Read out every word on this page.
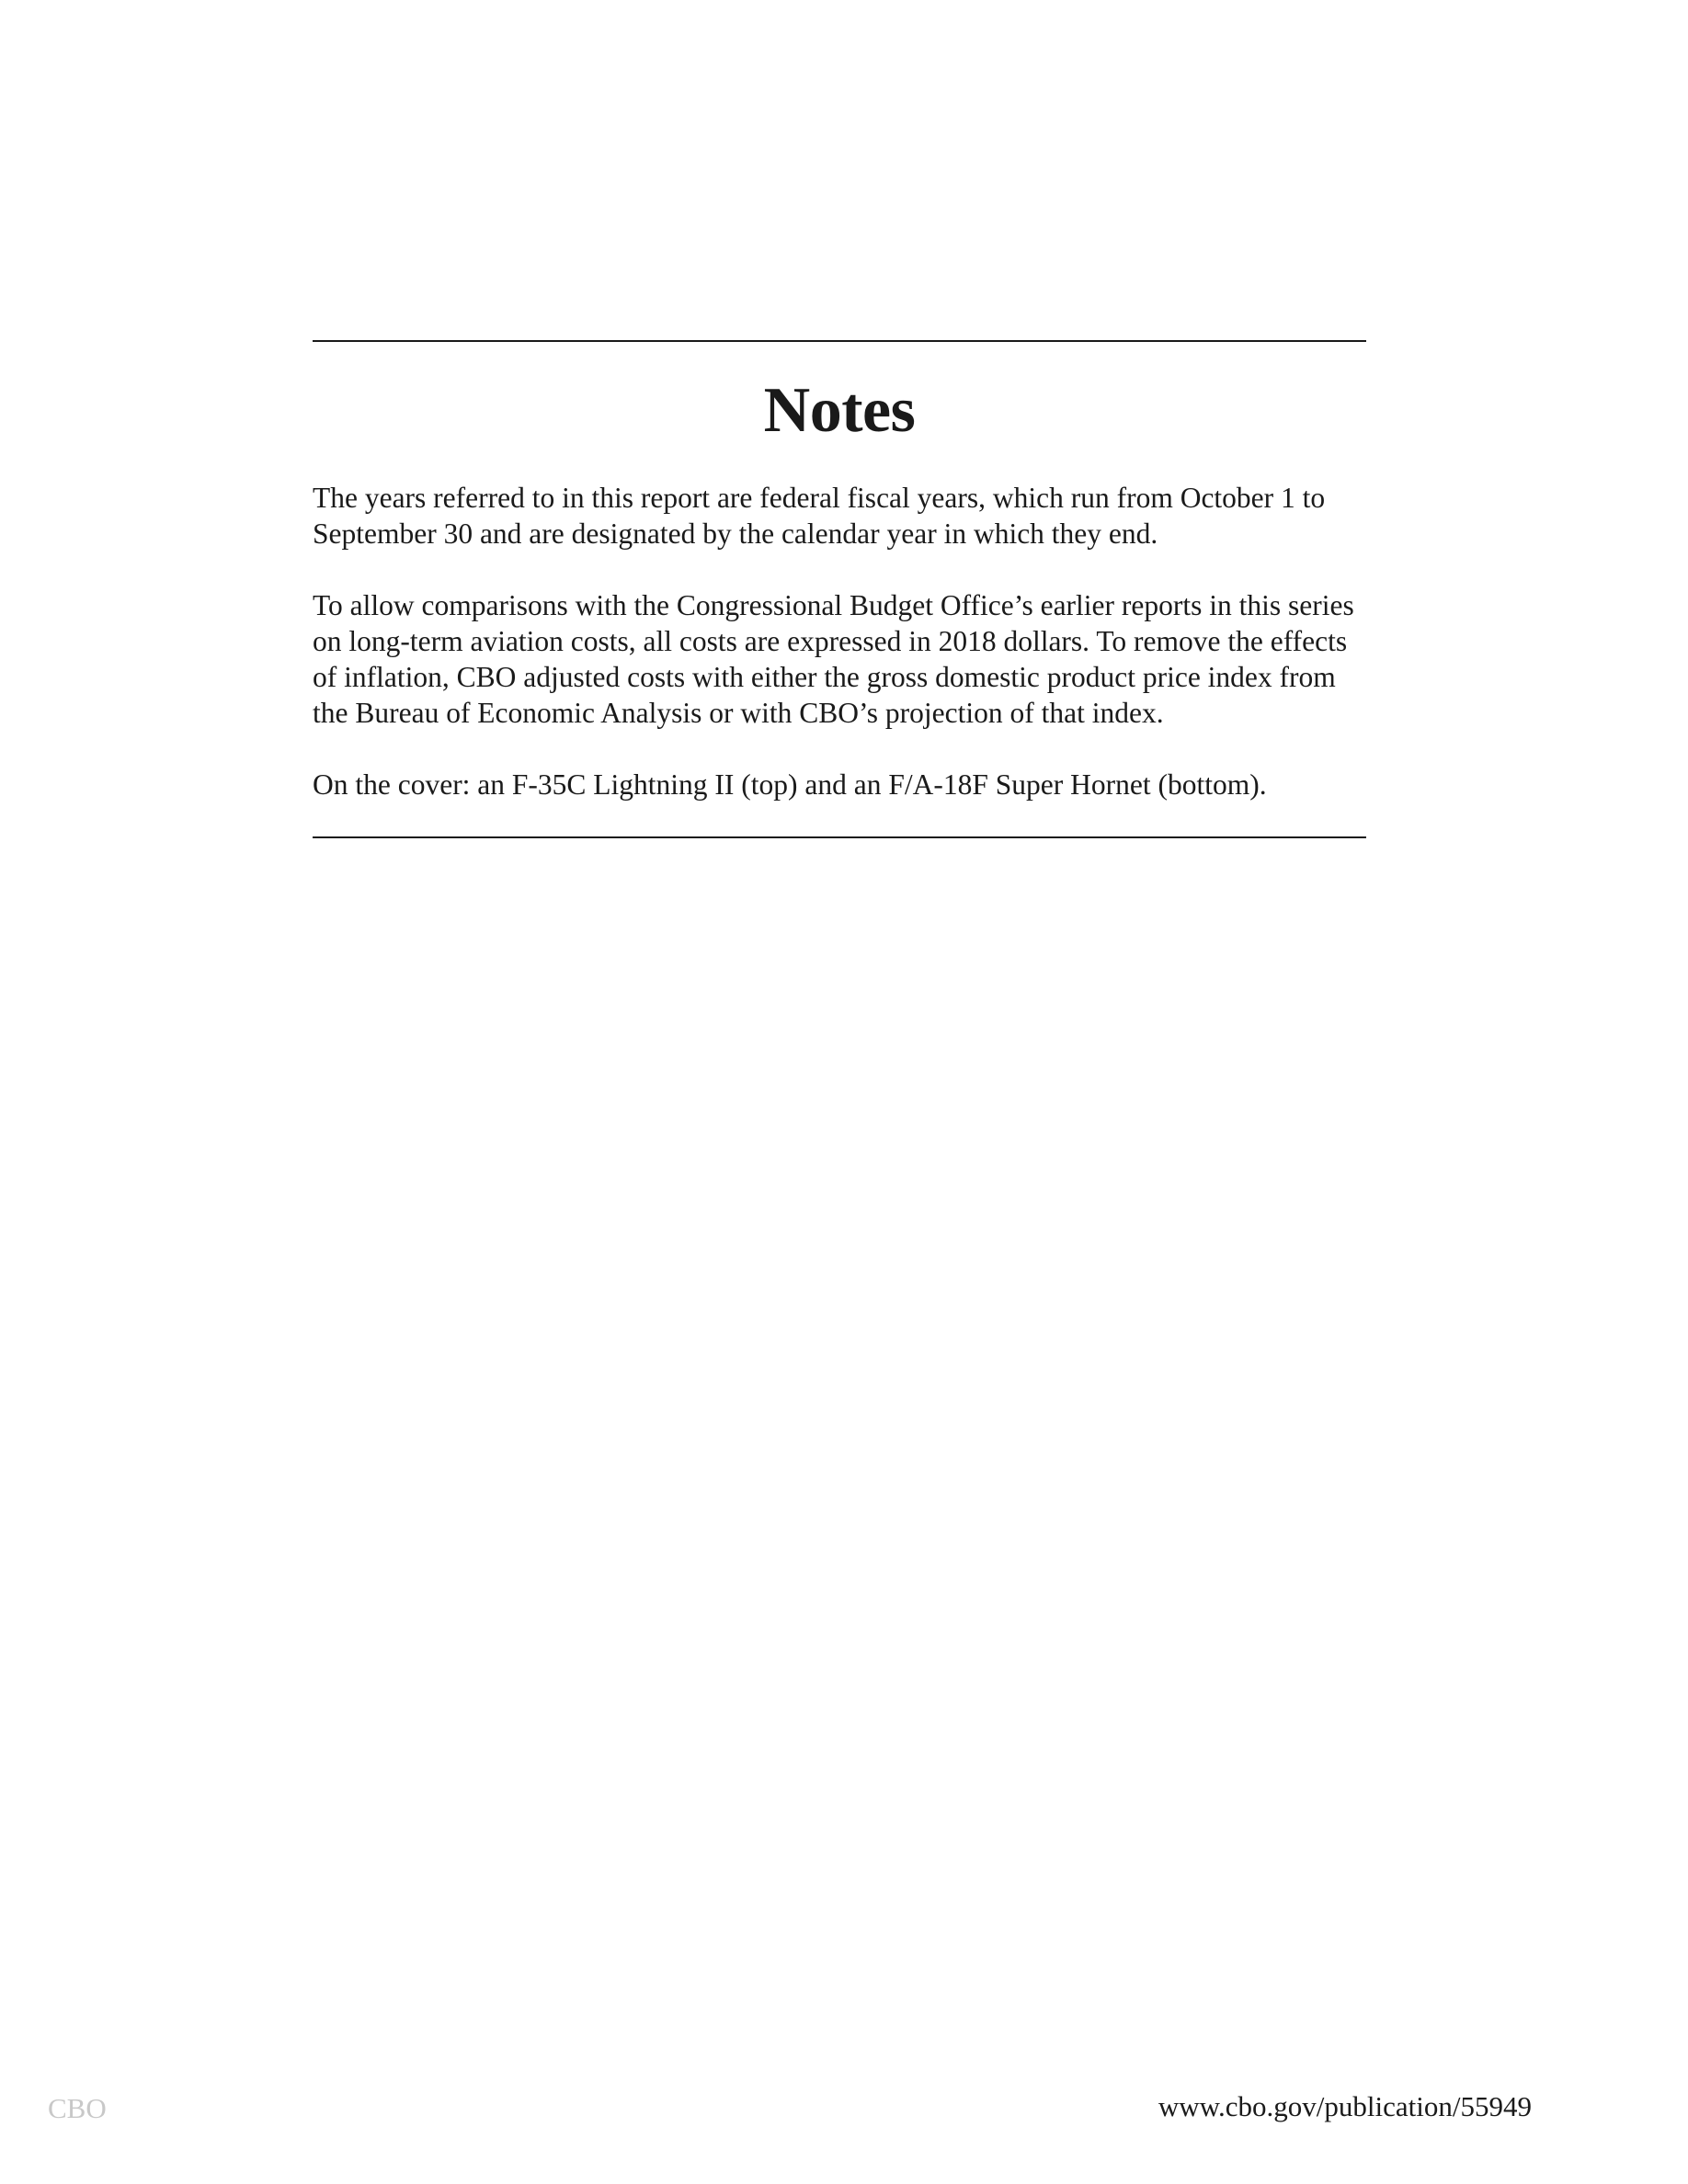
Notes

The years referred to in this report are federal fiscal years, which run from October 1 to September 30 and are designated by the calendar year in which they end.

To allow comparisons with the Congressional Budget Office’s earlier reports in this series on long-term aviation costs, all costs are expressed in 2018 dollars. To remove the effects of inflation, CBO adjusted costs with either the gross domestic product price index from the Bureau of Economic Analysis or with CBO’s projection of that index.

On the cover: an F-35C Lightning II (top) and an F/A-18F Super Hornet (bottom).

CBO	www.cbo.gov/publication/55949
